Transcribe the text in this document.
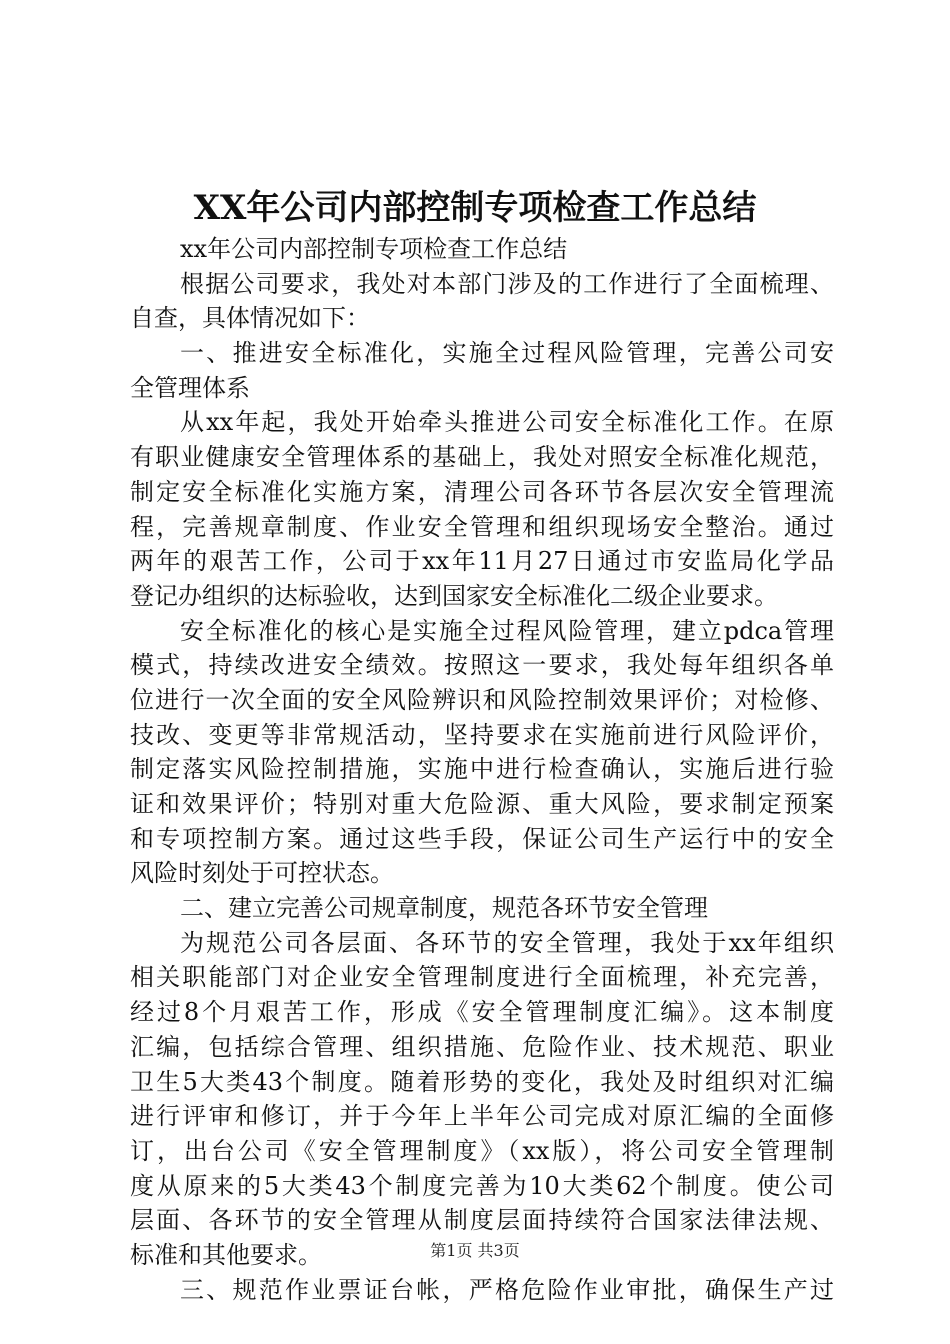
XX年公司内部控制专项检查工作总结
xx年公司内部控制专项检查工作总结
根据公司要求，我处对本部门涉及的工作进行了全面梳理、
自查，具体情况如下：
一、推进安全标准化，实施全过程风险管理，完善公司安
全管理体系
从xx年起，我处开始牵头推进公司安全标准化工作。在原
有职业健康安全管理体系的基础上，我处对照安全标准化规范，
制定安全标准化实施方案，清理公司各环节各层次安全管理流
程，完善规章制度、作业安全管理和组织现场安全整治。通过
两年的艰苦工作，公司于xx年11月27日通过市安监局化学品
登记办组织的达标验收，达到国家安全标准化二级企业要求。
安全标准化的核心是实施全过程风险管理，建立pdca管理
模式，持续改进安全绩效。按照这一要求，我处每年组织各单
位进行一次全面的安全风险辨识和风险控制效果评价；对检修、
技改、变更等非常规活动，坚持要求在实施前进行风险评价，
制定落实风险控制措施，实施中进行检查确认，实施后进行验
证和效果评价；特别对重大危险源、重大风险，要求制定预案
和专项控制方案。通过这些手段，保证公司生产运行中的安全
风险时刻处于可控状态。
二、建立完善公司规章制度，规范各环节安全管理
为规范公司各层面、各环节的安全管理，我处于xx年组织
相关职能部门对企业安全管理制度进行全面梳理，补充完善，
经过8个月艰苦工作，形成《安全管理制度汇编》。这本制度
汇编，包括综合管理、组织措施、危险作业、技术规范、职业
卫生5大类43个制度。随着形势的变化，我处及时组织对汇编
进行评审和修订，并于今年上半年公司完成对原汇编的全面修
订，出台公司《安全管理制度》（xx版），将公司安全管理制
度从原来的5大类43个制度完善为10大类62个制度。使公司
层面、各环节的安全管理从制度层面持续符合国家法律法规、
标准和其他要求。
三、规范作业票证台帐，严格危险作业审批，确保生产过
第1页 共3页
